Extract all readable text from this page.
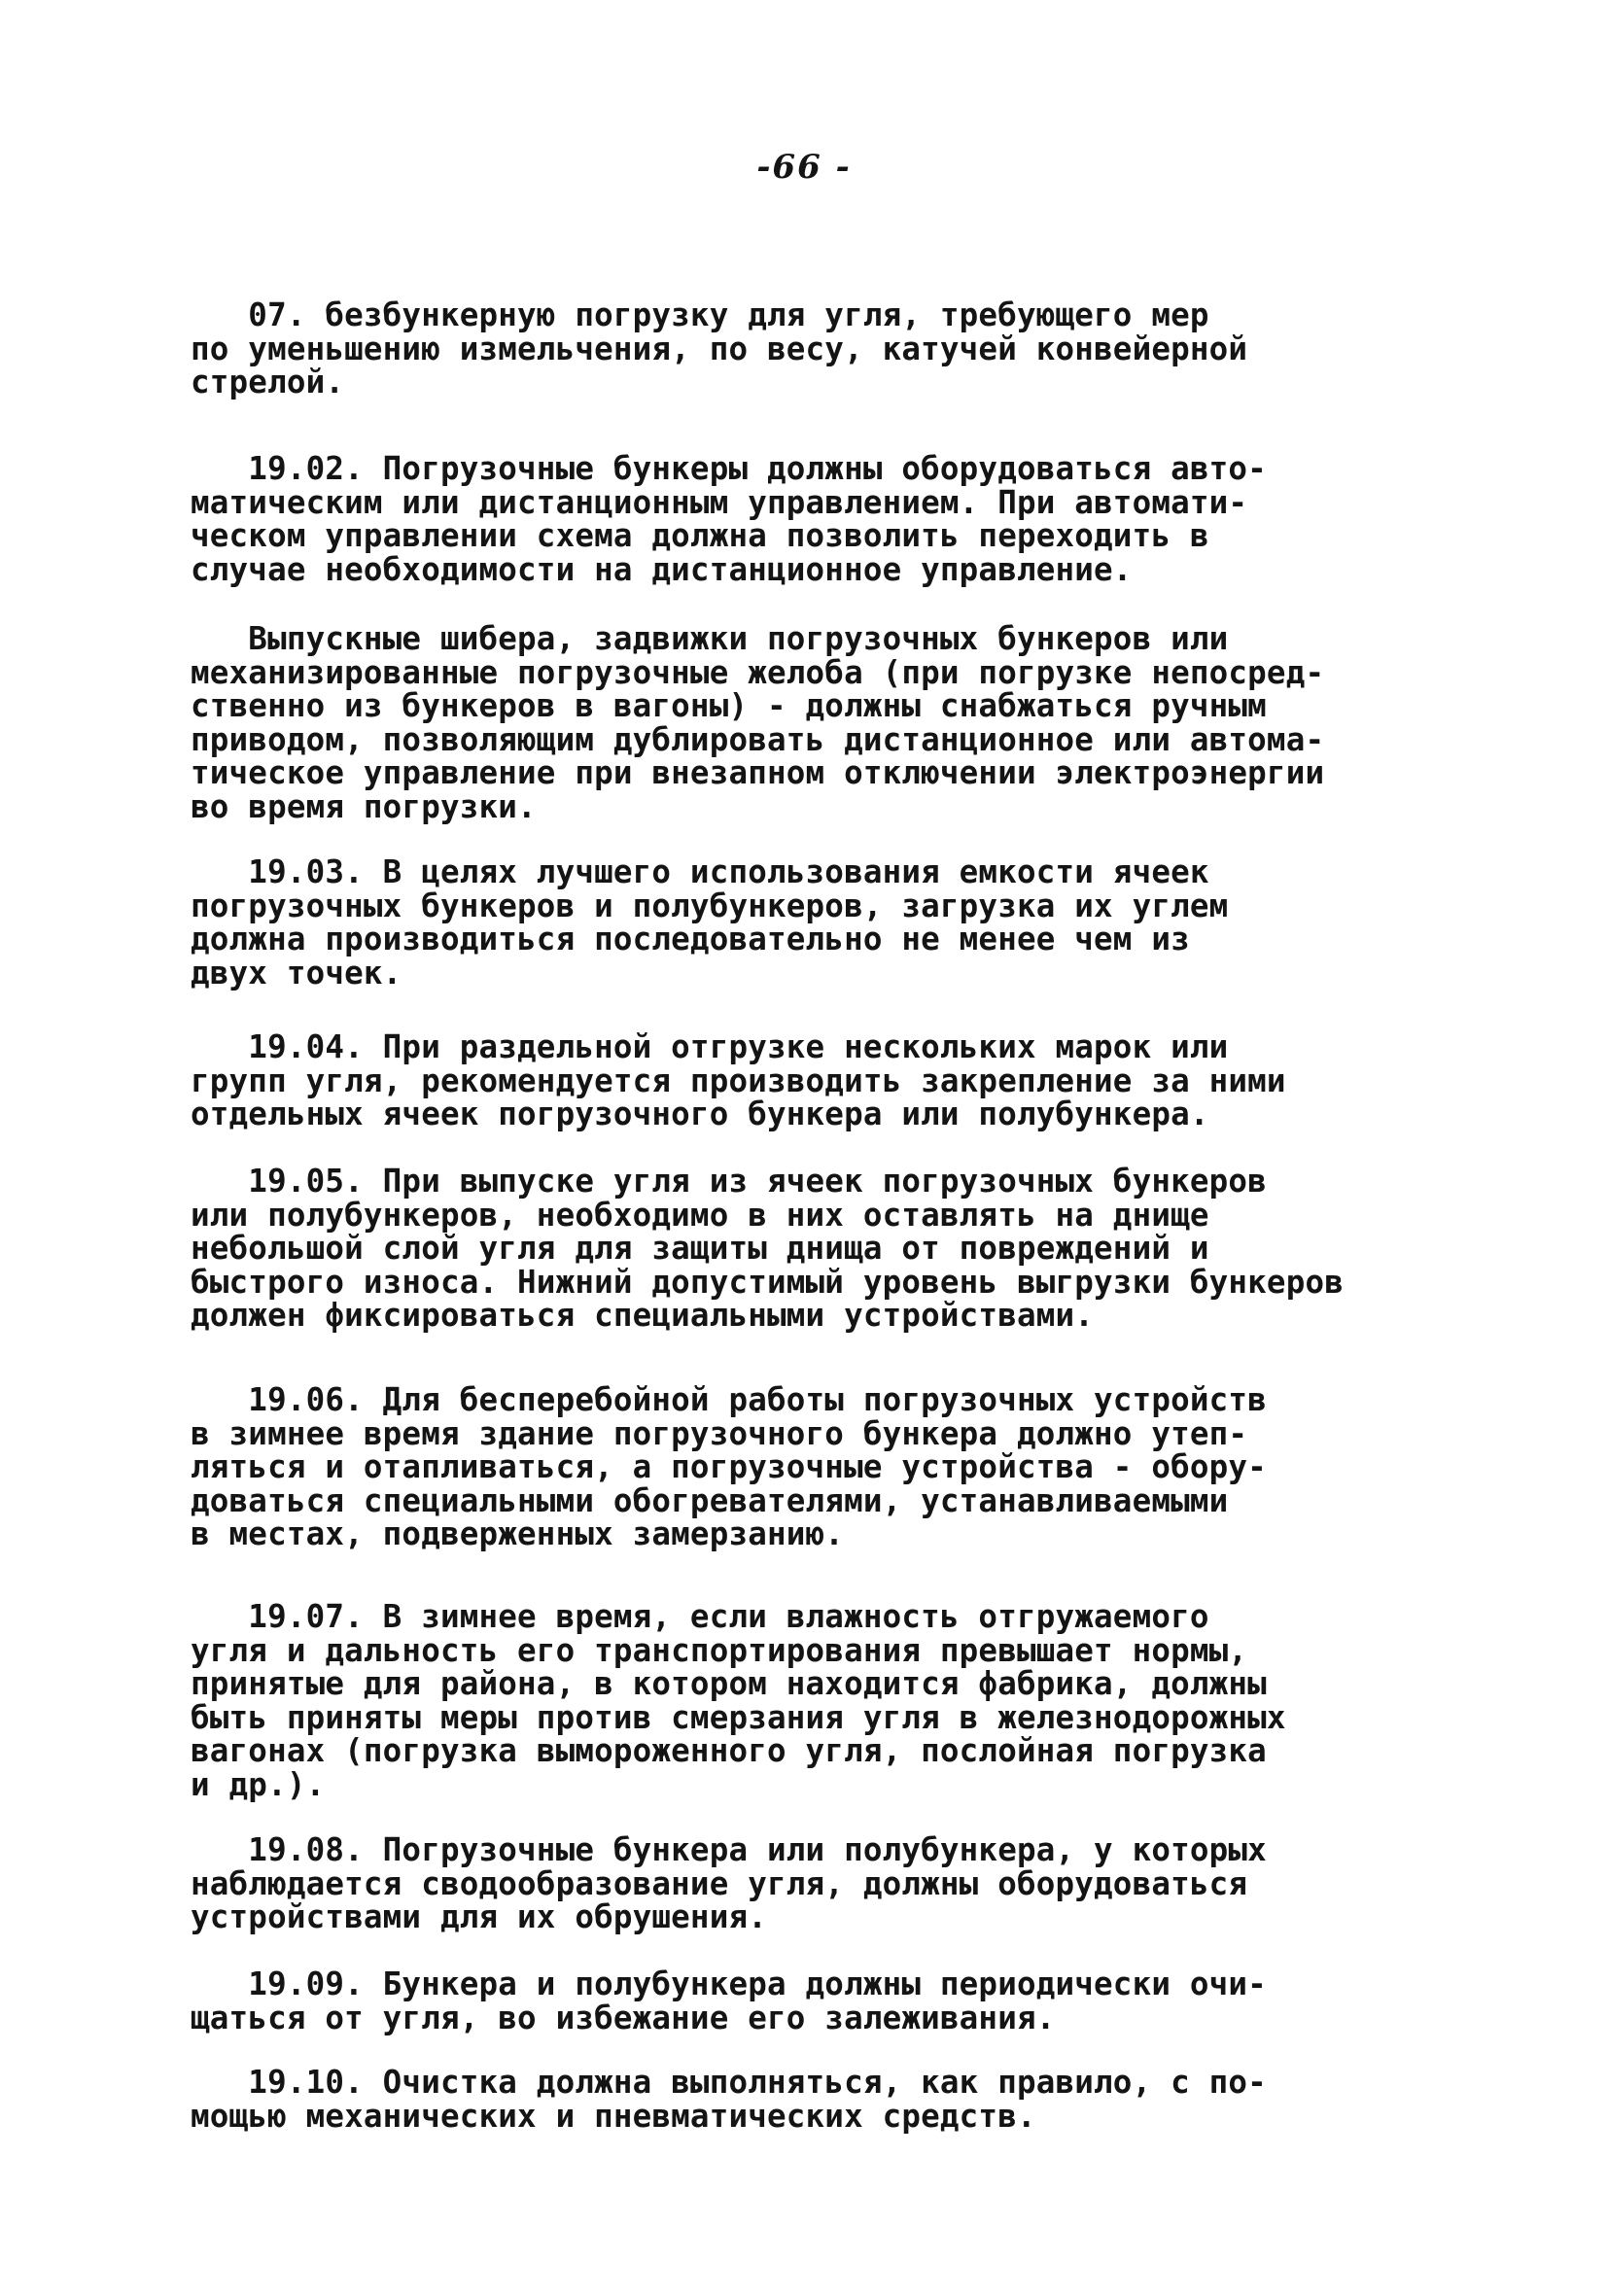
-66 -

07. безбункерную погрузку для угля, требующего мер
по уменьшению измельчения, по весу, катучей конвейерной
стрелой.

19.02. Погрузочные бункеры должны оборудоваться авто-
матическим или дистанционным управлением. При автомати-
ческом управлении схема должна позволить переходить в
случае необходимости на дистанционное управление.

Выпускные шибера, задвижки погрузочных бункеров или
механизированные погрузочные желоба (при погрузке непосред-
ственно из бункеров в вагоны) - должны снабжаться ручным
приводом, позволяющим дублировать дистанционное или автома-
тическое управление при внезапном отключении электроэнергии
во время погрузки.

19.03. В целях лучшего использования емкости ячеек
погрузочных бункеров и полубункеров, загрузка их углем
должна производиться последовательно не менее чем из
двух точек.

19.04. При раздельной отгрузке нескольких марок или
групп угля, рекомендуется производить закрепление за ними
отдельных ячеек погрузочного бункера или полубункера.

19.05. При выпуске угля из ячеек погрузочных бункеров
или полубункеров, необходимо в них оставлять на днище
небольшой слой угля для защиты днища от повреждений и
быстрого износа. Нижний допустимый уровень выгрузки бункеров
должен фиксироваться специальными устройствами.

19.06. Для бесперебойной работы погрузочных устройств
в зимнее время здание погрузочного бункера должно утеп-
ляться и отапливаться, а погрузочные устройства - обору-
доваться специальными обогревателями, устанавливаемыми
в местах, подверженных замерзанию.

19.07. В зимнее время, если влажность отгружаемого
угля и дальность его транспортирования превышает нормы,
принятые для района, в котором находится фабрика, должны
быть приняты меры против смерзания угля в железнодорожных
вагонах (погрузка выморoженного угля, послойная погрузка
и др.).

19.08. Погрузочные бункера или полубункера, у которых
наблюдается сводообразование угля, должны оборудоваться
устройствами для их обрушения.

19.09. Бункера и полубункера должны периодически очи-
щаться от угля, во избежание его залеживания.

19.10. Очистка должна выполняться, как правило, с по-
мощью механических и пневматических средств.
